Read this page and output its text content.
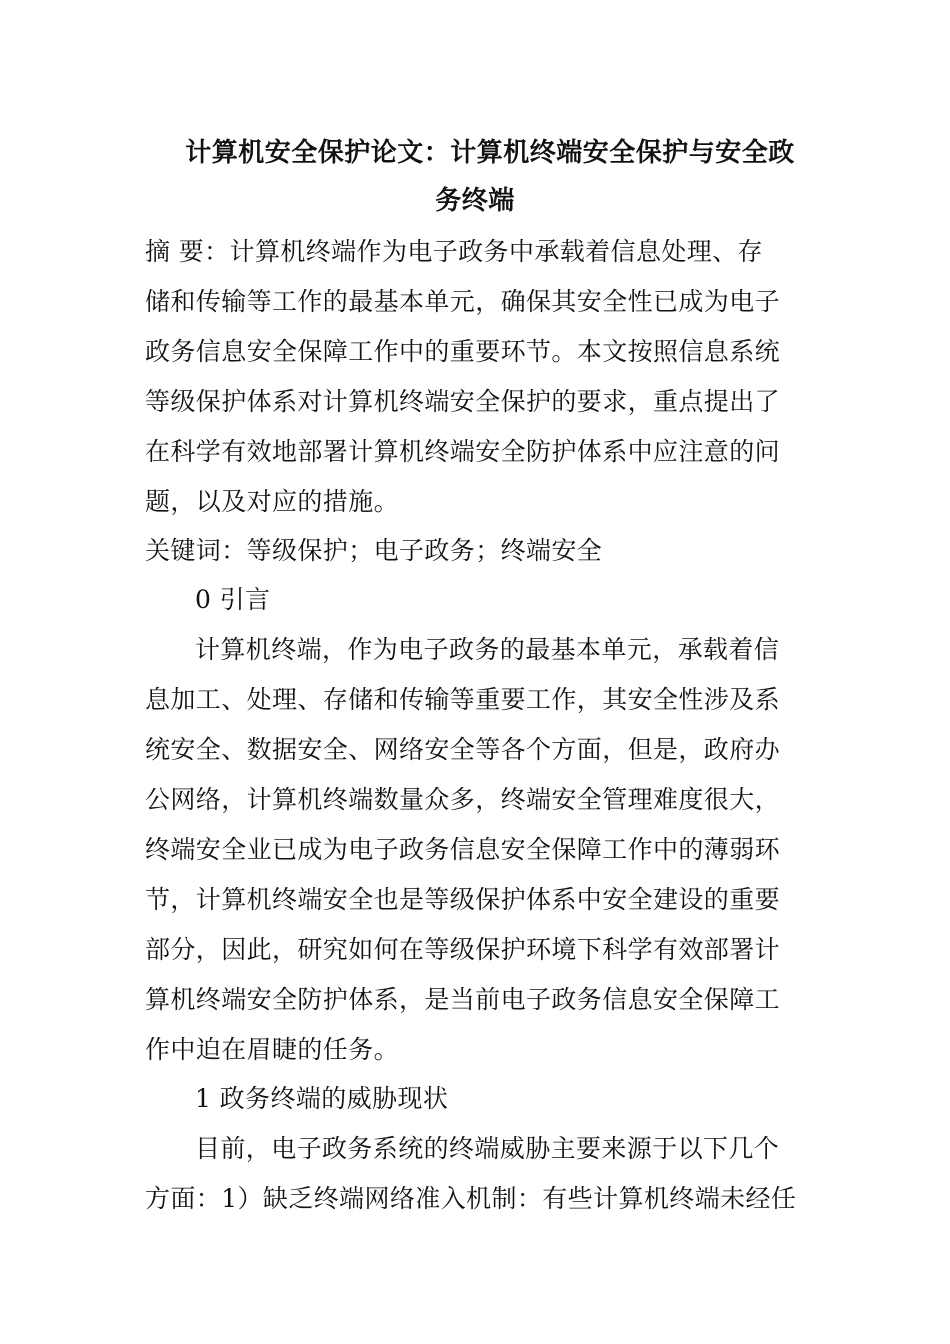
计算机安全保护论文：计算机终端安全保护与安全政
务终端
摘 要：计算机终端作为电子政务中承载着信息处理、存
储和传输等工作的最基本单元，确保其安全性已成为电子
政务信息安全保障工作中的重要环节。本文按照信息系统
等级保护体系对计算机终端安全保护的要求，重点提出了
在科学有效地部署计算机终端安全防护体系中应注意的问
题，以及对应的措施。
关键词：等级保护；电子政务；终端安全
0 引言
计算机终端，作为电子政务的最基本单元，承载着信
息加工、处理、存储和传输等重要工作，其安全性涉及系
统安全、数据安全、网络安全等各个方面，但是，政府办
公网络，计算机终端数量众多，终端安全管理难度很大，
终端安全业已成为电子政务信息安全保障工作中的薄弱环
节，计算机终端安全也是等级保护体系中安全建设的重要
部分，因此，研究如何在等级保护环境下科学有效部署计
算机终端安全防护体系，是当前电子政务信息安全保障工
作中迫在眉睫的任务。
1 政务终端的威胁现状
目前，电子政务系统的终端威胁主要来源于以下几个
方面：1）缺乏终端网络准入机制：有些计算机终端未经任
